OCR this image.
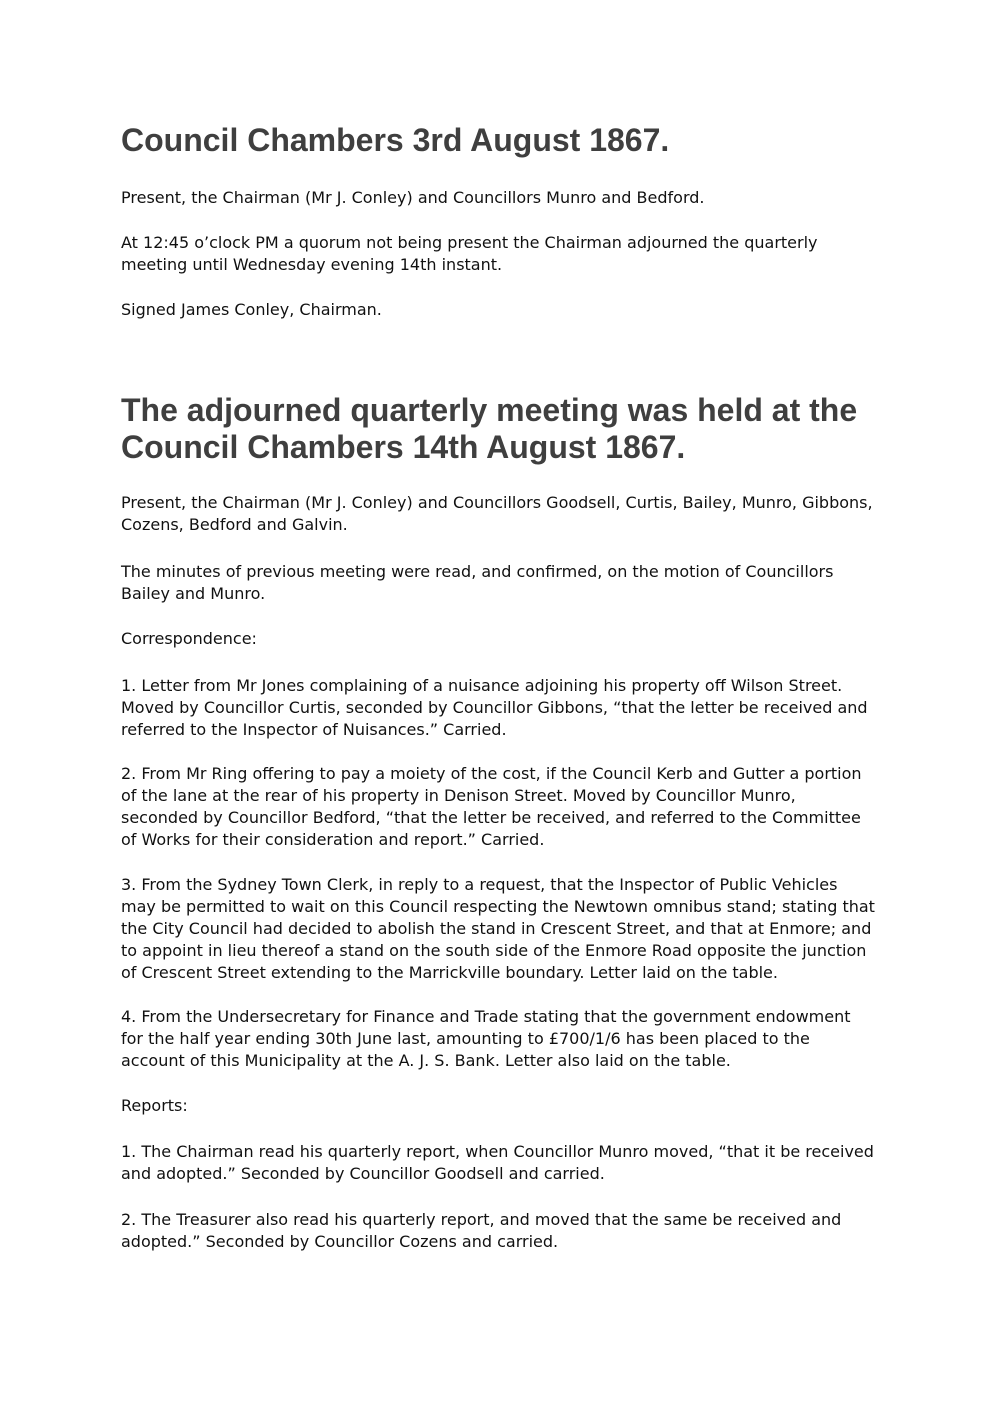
Council Chambers 3rd August 1867.

Present, the Chairman (Mr J. Conley) and Councillors Munro and Bedford.

At 12:45 o’clock PM a quorum not being present the Chairman adjourned the quarterly meeting until Wednesday evening 14th instant.

Signed James Conley, Chairman.

The adjourned quarterly meeting was held at the Council Chambers 14th August 1867.

Present, the Chairman (Mr J. Conley) and Councillors Goodsell, Curtis, Bailey, Munro, Gibbons, Cozens, Bedford and Galvin.

The minutes of previous meeting were read, and confirmed, on the motion of Councillors Bailey and Munro.

Correspondence:

1. Letter from Mr Jones complaining of a nuisance adjoining his property off Wilson Street. Moved by Councillor Curtis, seconded by Councillor Gibbons, “that the letter be received and referred to the Inspector of Nuisances.” Carried.

2. From Mr Ring offering to pay a moiety of the cost, if the Council Kerb and Gutter a portion of the lane at the rear of his property in Denison Street. Moved by Councillor Munro, seconded by Councillor Bedford, “that the letter be received, and referred to the Committee of Works for their consideration and report.” Carried.

3. From the Sydney Town Clerk, in reply to a request, that the Inspector of Public Vehicles may be permitted to wait on this Council respecting the Newtown omnibus stand; stating that the City Council had decided to abolish the stand in Crescent Street, and that at Enmore; and to appoint in lieu thereof a stand on the south side of the Enmore Road opposite the junction of Crescent Street extending to the Marrickville boundary. Letter laid on the table.

4. From the Undersecretary for Finance and Trade stating that the government endowment for the half year ending 30th June last, amounting to £700/1/6 has been placed to the account of this Municipality at the A. J. S. Bank. Letter also laid on the table.

Reports:

1. The Chairman read his quarterly report, when Councillor Munro moved, “that it be received and adopted.” Seconded by Councillor Goodsell and carried.

2. The Treasurer also read his quarterly report, and moved that the same be received and adopted.” Seconded by Councillor Cozens and carried.
